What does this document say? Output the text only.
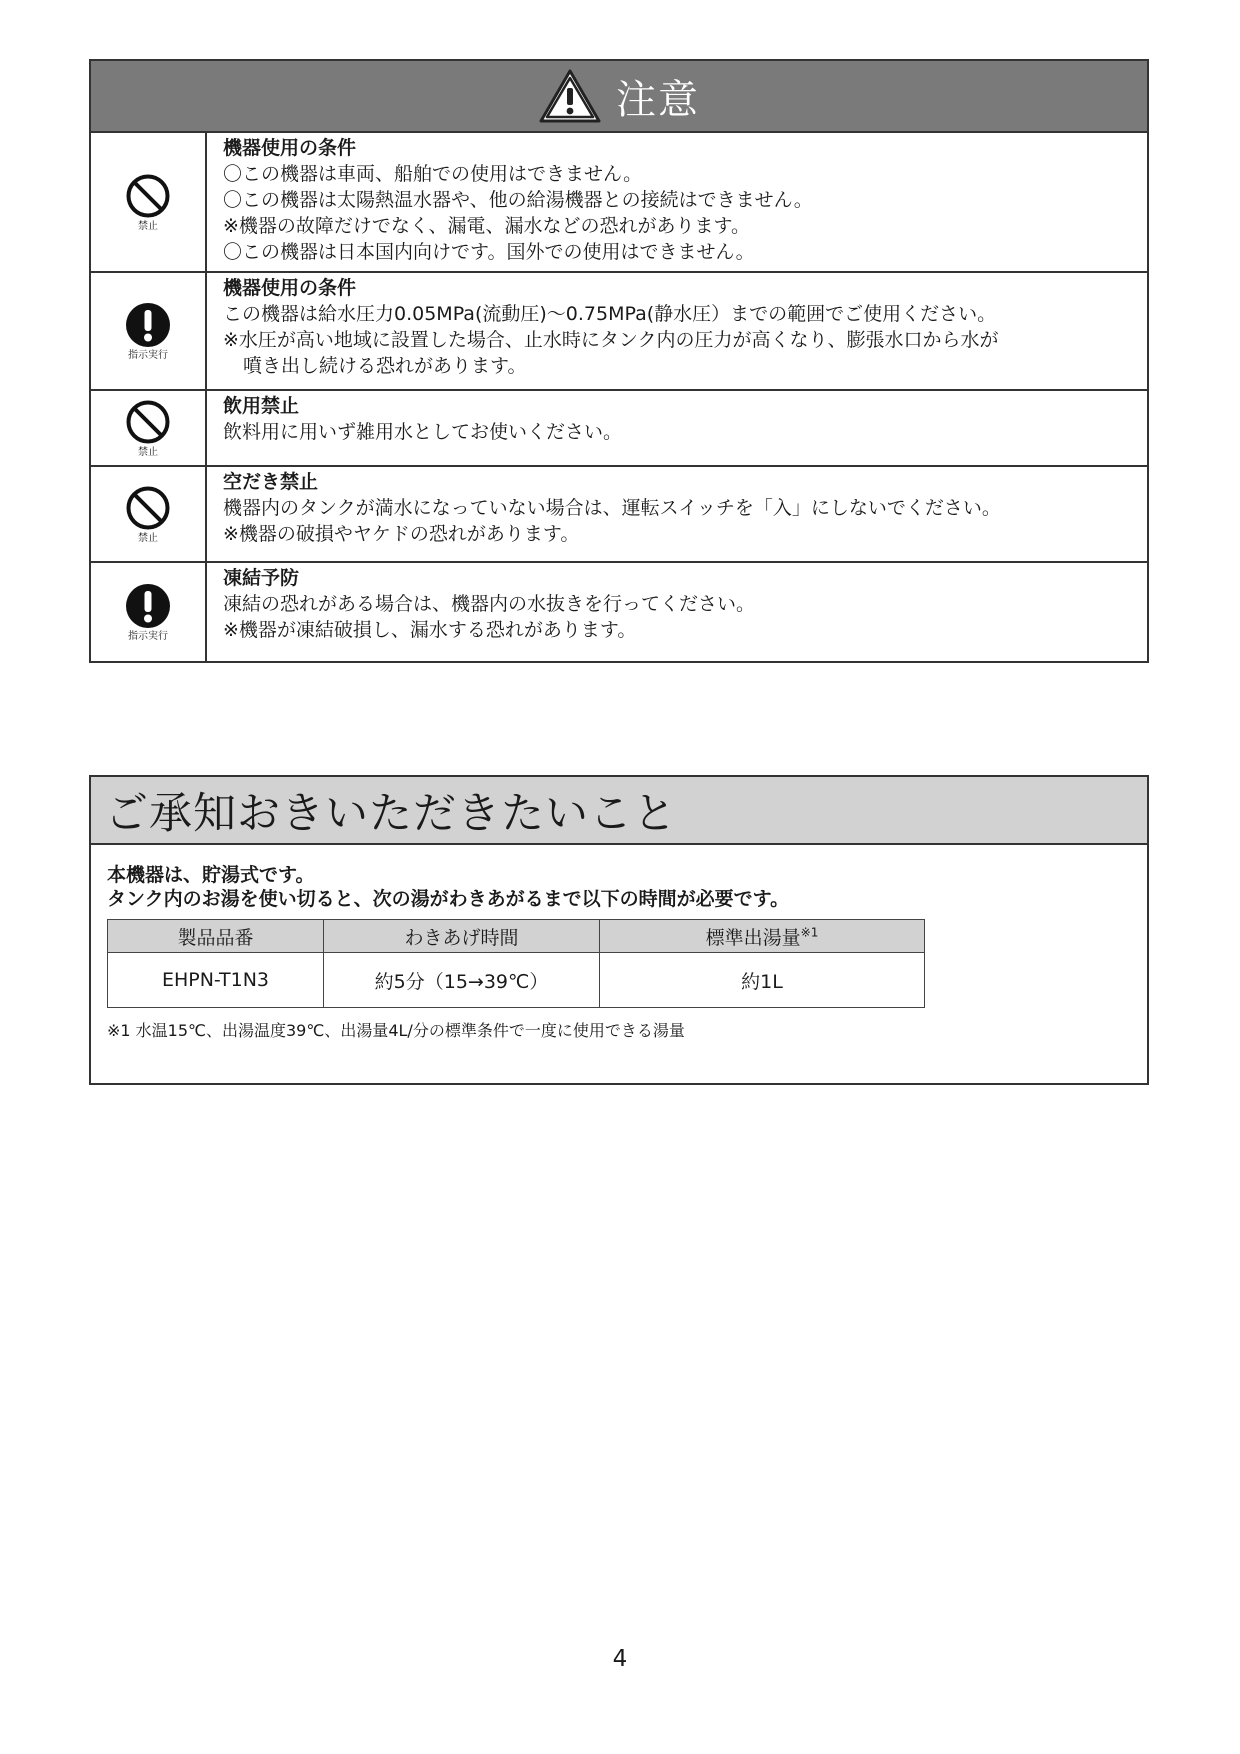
注意
禁止
機器使用の条件
〇この機器は車両、船舶での使用はできません。
〇この機器は太陽熱温水器や、他の給湯機器との接続はできません。
※機器の故障だけでなく、漏電、漏水などの恐れがあります。
〇この機器は日本国内向けです。国外での使用はできません。
指示実行
機器使用の条件
この機器は給水圧力0.05MPa(流動圧)～0.75MPa(静水圧）までの範囲でご使用ください。
※水圧が高い地域に設置した場合、止水時にタンク内の圧力が高くなり、膨張水口から水が
噴き出し続ける恐れがあります。
禁止
飲用禁止
飲料用に用いず雑用水としてお使いください。
禁止
空だき禁止
機器内のタンクが満水になっていない場合は、運転スイッチを「入」にしないでください。
※機器の破損やヤケドの恐れがあります。
指示実行
凍結予防
凍結の恐れがある場合は、機器内の水抜きを行ってください。
※機器が凍結破損し、漏水する恐れがあります。
ご承知おきいただきたいこと
本機器は、貯湯式です。
タンク内のお湯を使い切ると、次の湯がわきあがるまで以下の時間が必要です。
製品品番	わきあげ時間	標準出湯量$^{※1}$
EHPN-T1N3	約5分（15→39℃）	約1L
※1 水温15℃、出湯温度39℃、出湯量4L/分の標準条件で一度に使用できる湯量
4
